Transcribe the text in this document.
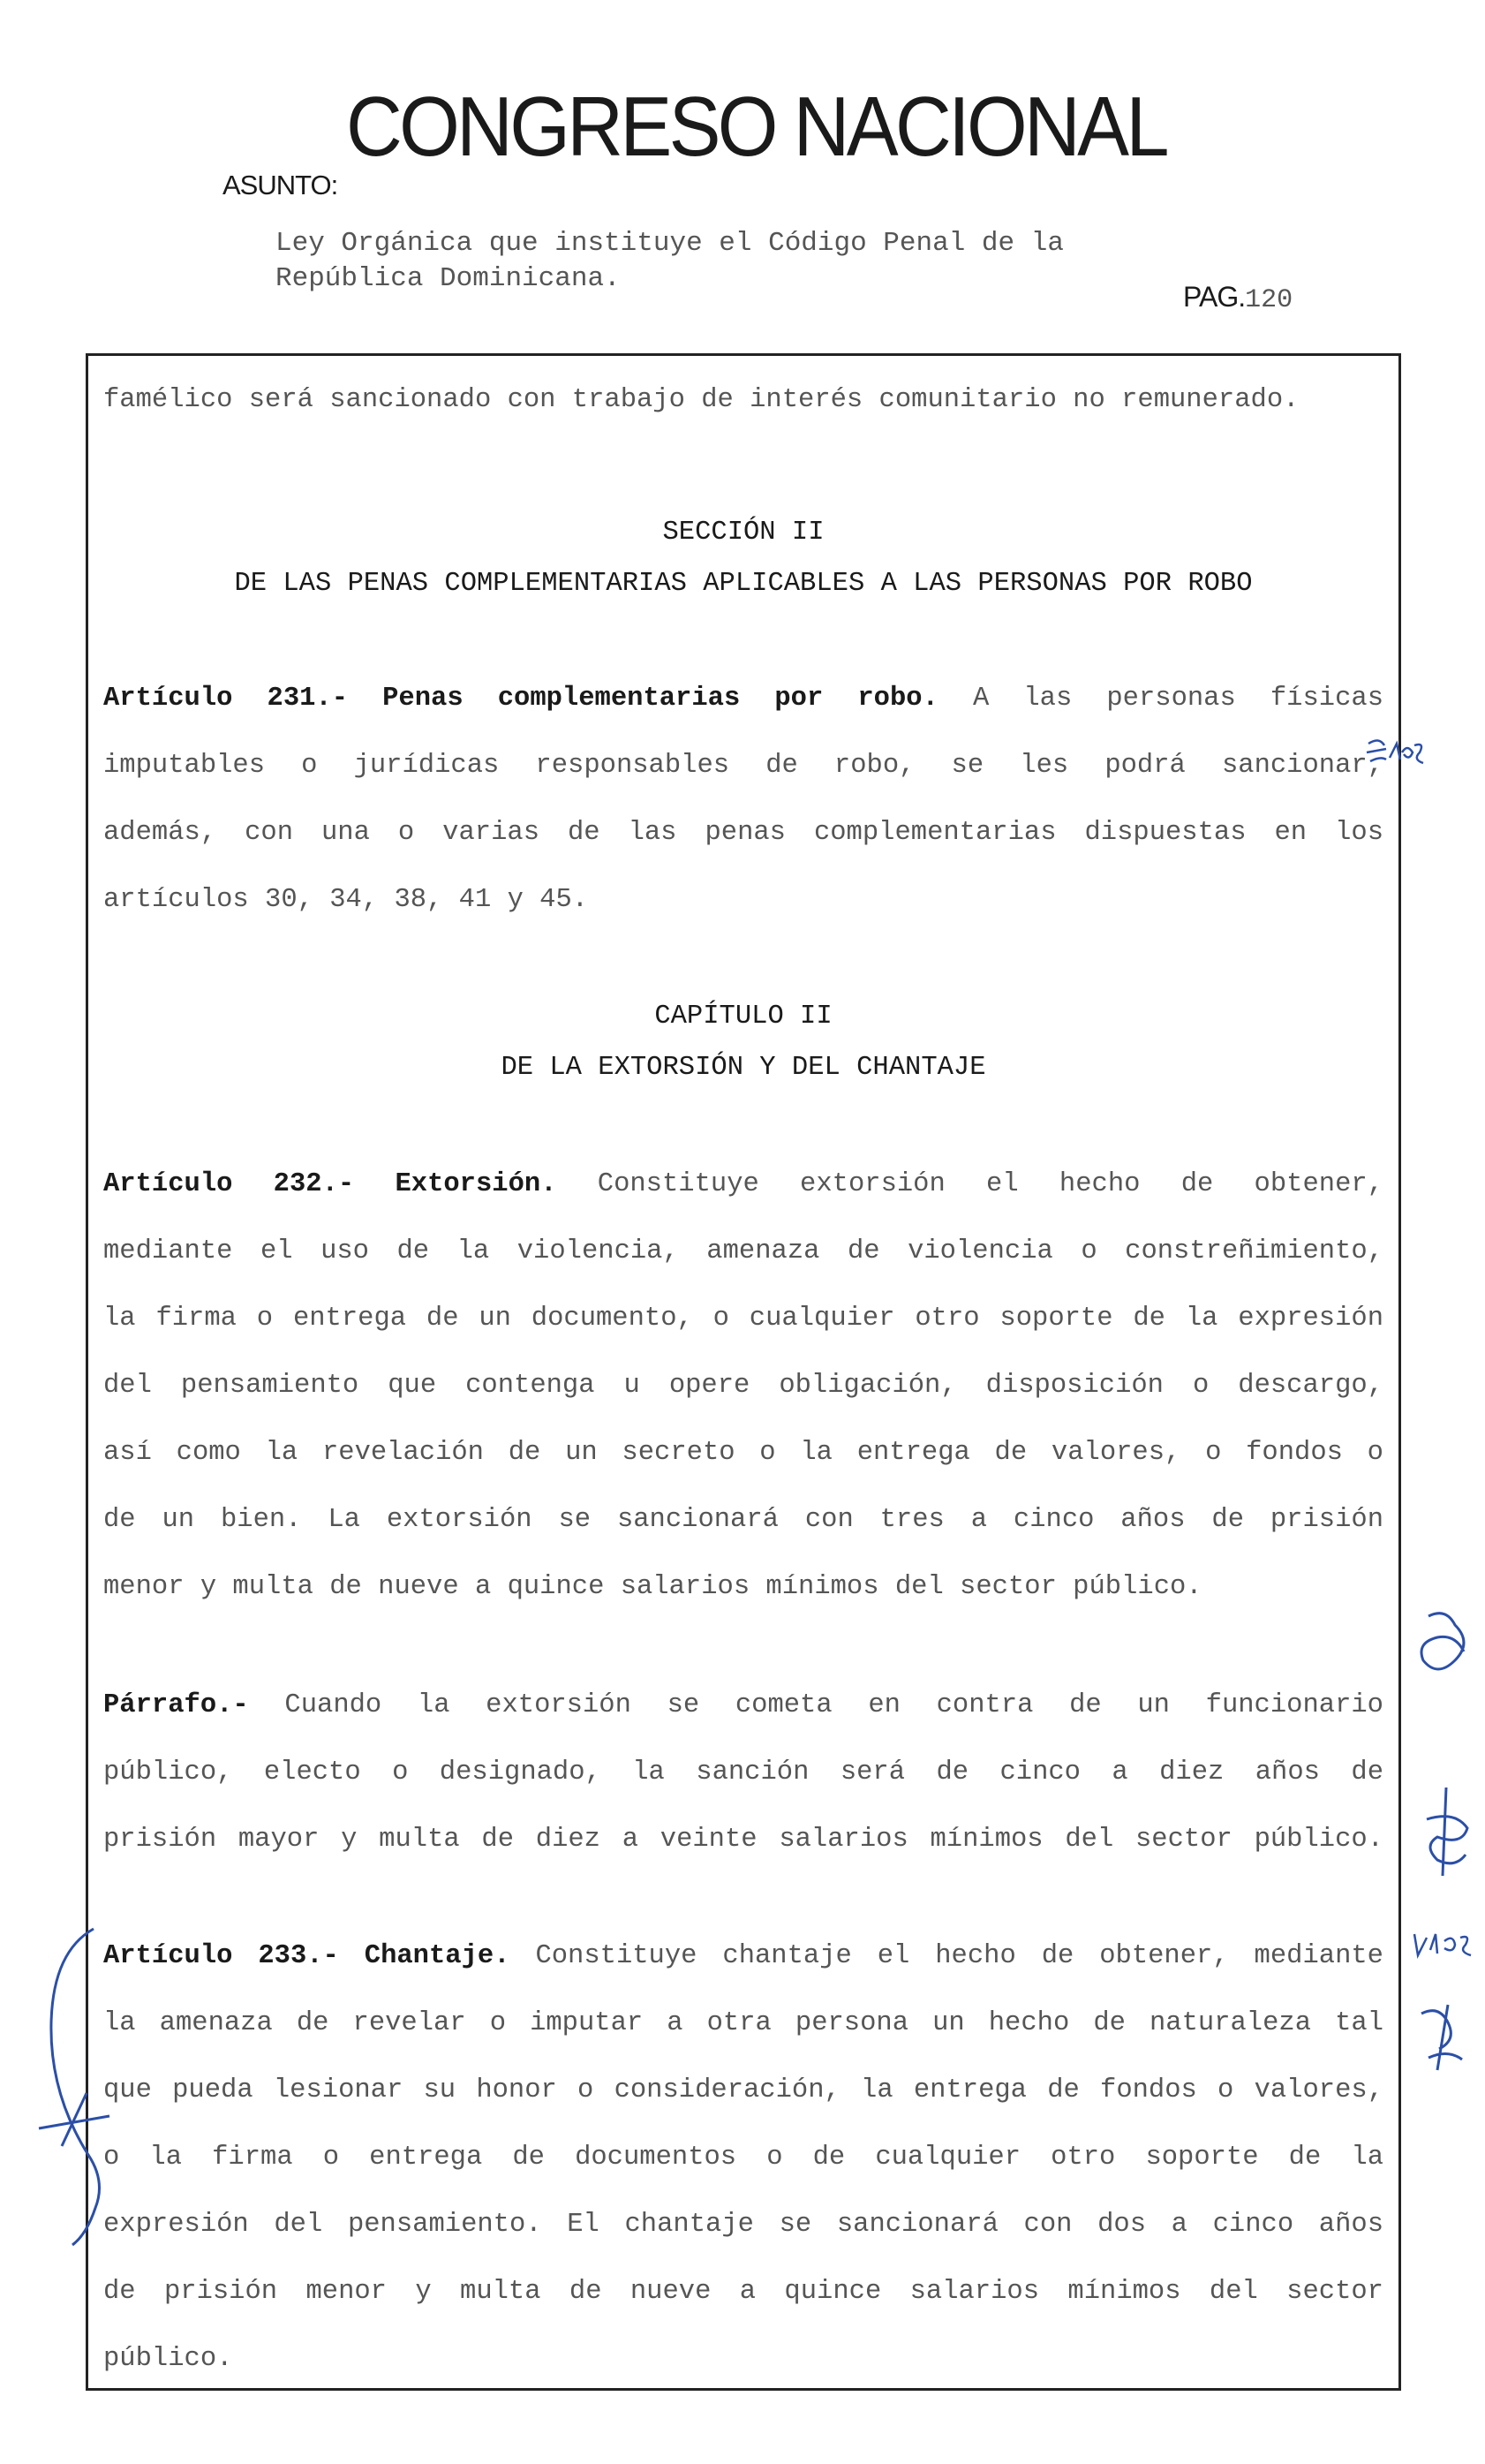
CONGRESO NACIONAL
ASUNTO:
Ley Orgánica que instituye el Código Penal de la
República Dominicana.
PAG.120
famélico será sancionado con trabajo de interés comunitario no remunerado.
SECCIÓN II
DE LAS PENAS COMPLEMENTARIAS APLICABLES A LAS PERSONAS POR ROBO
Artículo 231.- Penas complementarias por robo. A las personas físicas
imputables o jurídicas responsables de robo, se les podrá sancionar,
además, con una o varias de las penas complementarias dispuestas en los
artículos 30, 34, 38, 41 y 45.
CAPÍTULO II
DE LA EXTORSIÓN Y DEL CHANTAJE
Artículo 232.- Extorsión. Constituye extorsión el hecho de obtener,
mediante el uso de la violencia, amenaza de violencia o constreñimiento,
la firma o entrega de un documento, o cualquier otro soporte de la expresión
del pensamiento que contenga u opere obligación, disposición o descargo,
así como la revelación de un secreto o la entrega de valores, o fondos o
de un bien. La extorsión se sancionará con tres a cinco años de prisión
menor y multa de nueve a quince salarios mínimos del sector público.
Párrafo.- Cuando la extorsión se cometa en contra de un funcionario
público, electo o designado, la sanción será de cinco a diez años de
prisión mayor y multa de diez a veinte salarios mínimos del sector público.
Artículo 233.- Chantaje. Constituye chantaje el hecho de obtener, mediante
la amenaza de revelar o imputar a otra persona un hecho de naturaleza tal
que pueda lesionar su honor o consideración, la entrega de fondos o valores,
o la firma o entrega de documentos o de cualquier otro soporte de la
expresión del pensamiento. El chantaje se sancionará con dos a cinco años
de prisión menor y multa de nueve a quince salarios mínimos del sector
público.
